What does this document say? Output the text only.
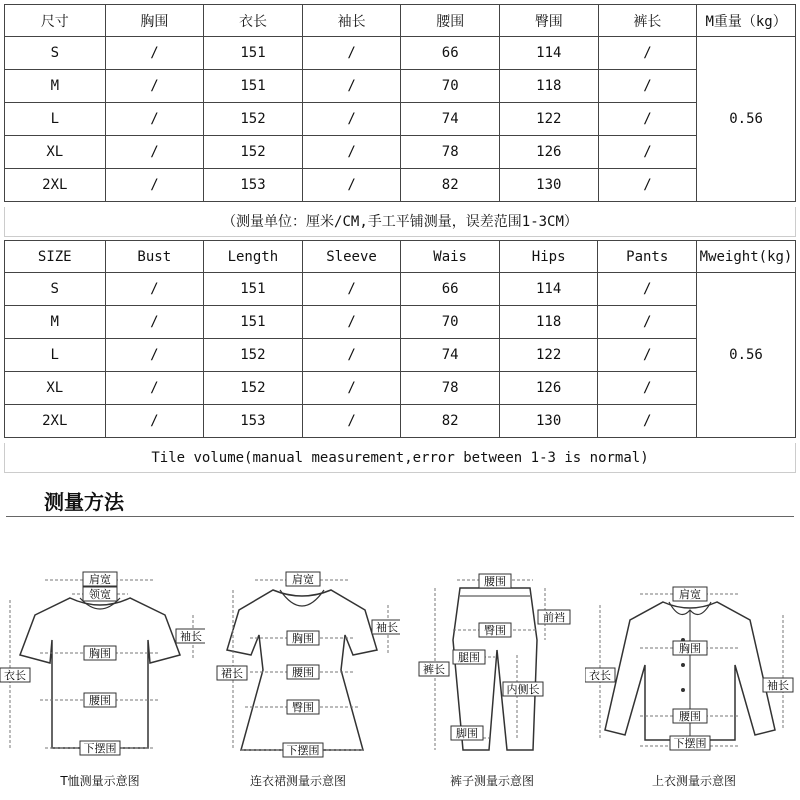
尺寸	胸围	衣长	袖长	腰围	臀围	裤长	M重量（kg）
S	/	151	/	66	114	/	0.56
M	/	151	/	70	118	/	
L	/	152	/	74	122	/	
XL	/	152	/	78	126	/	
2XL	/	153	/	82	130	/	
（测量单位：厘米/CM,手工平铺测量，误差范围1-3CM）
SIZE	Bust	Length	Sleeve	Wais	Hips	Pants	Mweight(kg)
S	/	151	/	66	114	/	0.56
M	/	151	/	70	118	/	
L	/	152	/	74	122	/	
XL	/	152	/	78	126	/	
2XL	/	153	/	82	130	/	
Tile volume(manual measurement,error between 1-3 is normal)
测量方法
肩宽
领宽
袖长
胸围
衣长
腰围
下摆围
T恤测量示意图
肩宽
袖长
胸围
裙长	腰围
臀围
下摆围
连衣裙测量示意图
腰围
前裆
臀围
腿围
裤长
内侧长
脚围
裤子测量示意图
肩宽
胸围
衣长
袖长
腰围
下摆围
上衣测量示意图
